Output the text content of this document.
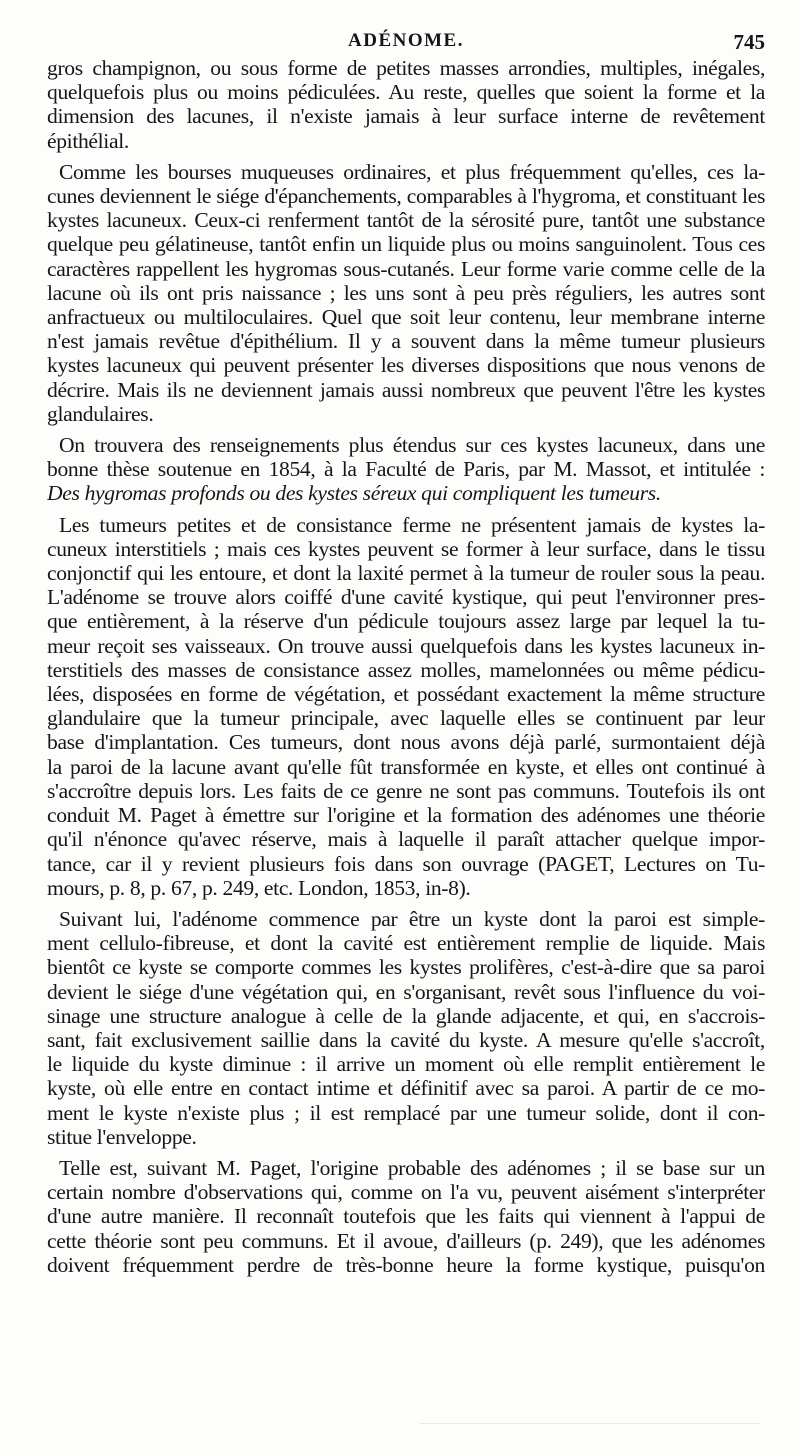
ADÉNOME.	745
gros champignon, ou sous forme de petites masses arrondies, multiples, inégales,
quelquefois plus ou moins pédiculées. Au reste, quelles que soient la forme et la
dimension des lacunes, il n'existe jamais à leur surface interne de revêtement
épithélial.
Comme les bourses muqueuses ordinaires, et plus fréquemment qu'elles, ces la-
cunes deviennent le siége d'épanchements, comparables à l'hygroma, et constituant les
kystes lacuneux. Ceux-ci renferment tantôt de la sérosité pure, tantôt une substance
quelque peu gélatineuse, tantôt enfin un liquide plus ou moins sanguinolent. Tous ces
caractères rappellent les hygromas sous-cutanés. Leur forme varie comme celle de la
lacune où ils ont pris naissance ; les uns sont à peu près réguliers, les autres sont
anfractueux ou multiloculaires. Quel que soit leur contenu, leur membrane interne
n'est jamais revêtue d'épithélium. Il y a souvent dans la même tumeur plusieurs
kystes lacuneux qui peuvent présenter les diverses dispositions que nous venons de
décrire. Mais ils ne deviennent jamais aussi nombreux que peuvent l'être les kystes
glandulaires.
On trouvera des renseignements plus étendus sur ces kystes lacuneux, dans une
bonne thèse soutenue en 1854, à la Faculté de Paris, par M. Massot, et intitulée :
Des hygromas profonds ou des kystes séreux qui compliquent les tumeurs.
Les tumeurs petites et de consistance ferme ne présentent jamais de kystes la-
cuneux interstitiels ; mais ces kystes peuvent se former à leur surface, dans le tissu
conjonctif qui les entoure, et dont la laxité permet à la tumeur de rouler sous la peau.
L'adénome se trouve alors coiffé d'une cavité kystique, qui peut l'environner pres-
que entièrement, à la réserve d'un pédicule toujours assez large par lequel la tu-
meur reçoit ses vaisseaux. On trouve aussi quelquefois dans les kystes lacuneux in-
terstitiels des masses de consistance assez molles, mamelonnées ou même pédicu-
lées, disposées en forme de végétation, et possédant exactement la même structure
glandulaire que la tumeur principale, avec laquelle elles se continuent par leur
base d'implantation. Ces tumeurs, dont nous avons déjà parlé, surmontaient déjà
la paroi de la lacune avant qu'elle fût transformée en kyste, et elles ont continué à
s'accroître depuis lors. Les faits de ce genre ne sont pas communs. Toutefois ils ont
conduit M. Paget à émettre sur l'origine et la formation des adénomes une théorie
qu'il n'énonce qu'avec réserve, mais à laquelle il paraît attacher quelque impor-
tance, car il y revient plusieurs fois dans son ouvrage (PAGET, Lectures on Tu-
mours, p. 8, p. 67, p. 249, etc. London, 1853, in-8).
Suivant lui, l'adénome commence par être un kyste dont la paroi est simple-
ment cellulo-fibreuse, et dont la cavité est entièrement remplie de liquide. Mais
bientôt ce kyste se comporte commes les kystes prolifères, c'est-à-dire que sa paroi
devient le siége d'une végétation qui, en s'organisant, revêt sous l'influence du voi-
sinage une structure analogue à celle de la glande adjacente, et qui, en s'accrois-
sant, fait exclusivement saillie dans la cavité du kyste. A mesure qu'elle s'accroît,
le liquide du kyste diminue : il arrive un moment où elle remplit entièrement le
kyste, où elle entre en contact intime et définitif avec sa paroi. A partir de ce mo-
ment le kyste n'existe plus ; il est remplacé par une tumeur solide, dont il con-
stitue l'enveloppe.
Telle est, suivant M. Paget, l'origine probable des adénomes ; il se base sur un
certain nombre d'observations qui, comme on l'a vu, peuvent aisément s'interpréter
d'une autre manière. Il reconnaît toutefois que les faits qui viennent à l'appui de
cette théorie sont peu communs. Et il avoue, d'ailleurs (p. 249), que les adénomes
doivent fréquemment perdre de très-bonne heure la forme kystique, puisqu'on
